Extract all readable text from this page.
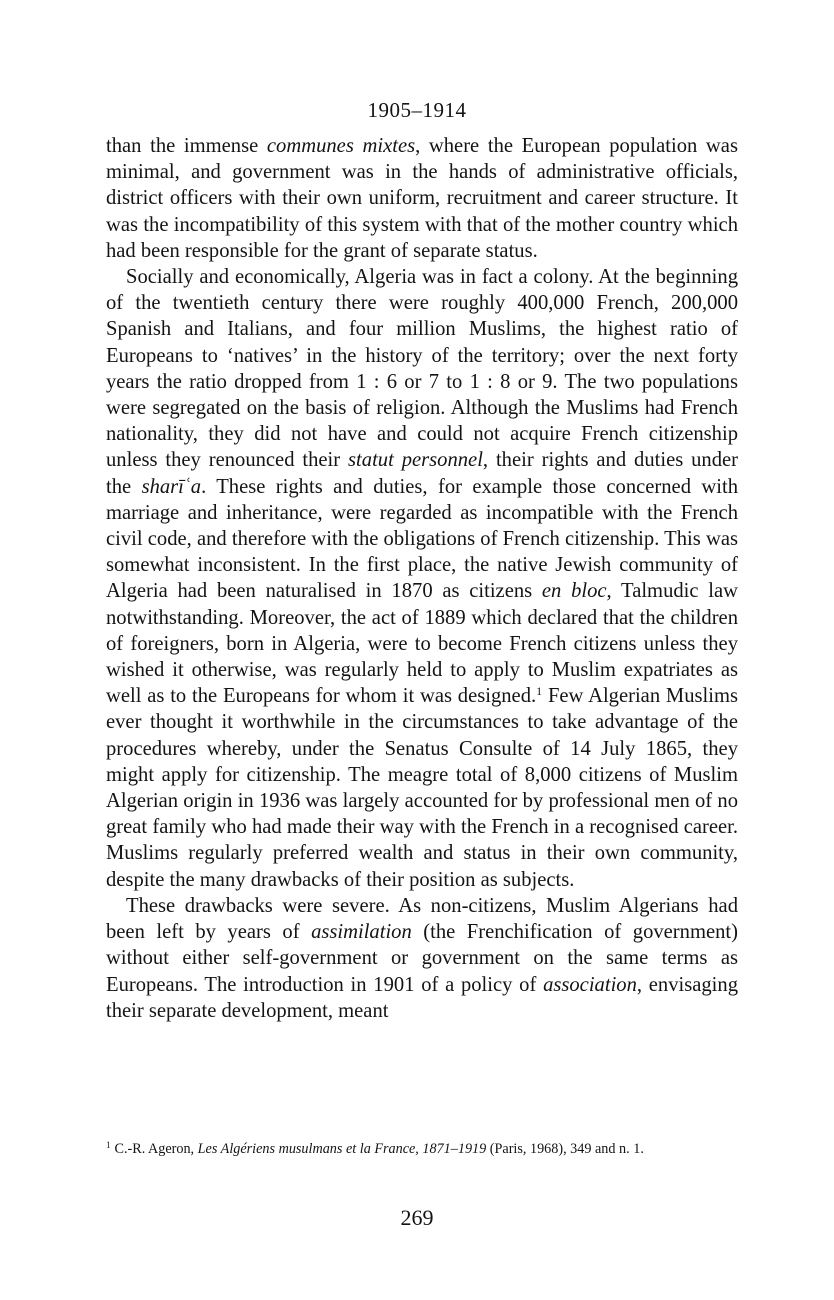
1905–1914

than the immense communes mixtes, where the European population was minimal, and government was in the hands of administrative officials, district officers with their own uniform, recruitment and career structure. It was the incompatibility of this system with that of the mother country which had been responsible for the grant of separate status.

Socially and economically, Algeria was in fact a colony. At the beginning of the twentieth century there were roughly 400,000 French, 200,000 Spanish and Italians, and four million Muslims, the highest ratio of Europeans to ‘natives’ in the history of the territory; over the next forty years the ratio dropped from 1 : 6 or 7 to 1 : 8 or 9. The two populations were segregated on the basis of religion. Although the Muslims had French nationality, they did not have and could not acquire French citizenship unless they renounced their statut personnel, their rights and duties under the sharīʿa. These rights and duties, for example those concerned with marriage and inheritance, were regarded as incompatible with the French civil code, and therefore with the obligations of French citizenship. This was somewhat inconsistent. In the first place, the native Jewish community of Algeria had been naturalised in 1870 as citizens en bloc, Talmudic law notwithstanding. Moreover, the act of 1889 which declared that the children of foreigners, born in Algeria, were to become French citizens unless they wished it otherwise, was regularly held to apply to Muslim expatriates as well as to the Europeans for whom it was designed.$^1$ Few Algerian Muslims ever thought it worthwhile in the circumstances to take advantage of the procedures whereby, under the Senatus Consulte of 14 July 1865, they might apply for citizenship. The meagre total of 8,000 citizens of Muslim Algerian origin in 1936 was largely accounted for by professional men of no great family who had made their way with the French in a recognised career. Muslims regularly preferred wealth and status in their own community, despite the many drawbacks of their position as subjects.

These drawbacks were severe. As non-citizens, Muslim Algerians had been left by years of assimilation (the Frenchification of government) without either self-government or government on the same terms as Europeans. The introduction in 1901 of a policy of association, envisaging their separate development, meant

$^1$ C.-R. Ageron, Les Algériens musulmans et la France, 1871–1919 (Paris, 1968), 349 and n. 1.
269
